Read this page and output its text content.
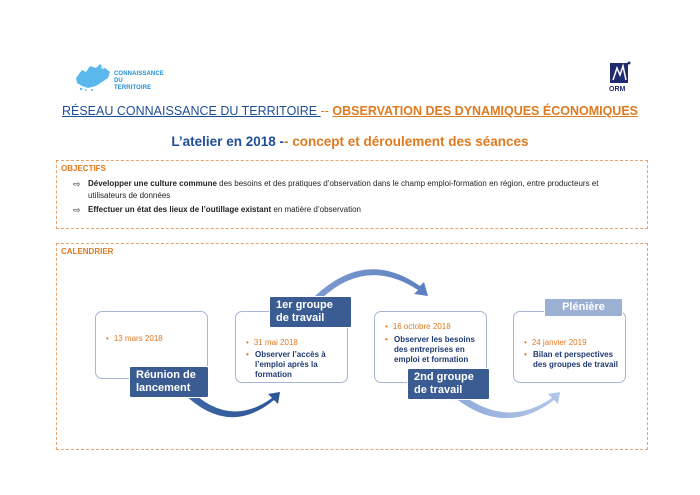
CONNAISSANCE DU TERRITOIRE	ORM
RÉSEAU CONNAISSANCE DU TERRITOIRE -- OBSERVATION DES DYNAMIQUES ÉCONOMIQUES
L’atelier en 2018 -- concept et déroulement des séances
OBJECTIFS
⇨ Développer une culture commune des besoins et des pratiques d’observation dans le champ emploi-formation en région, entre producteurs et utilisateurs de données
⇨ Effectuer un état des lieux de l’outillage existant en matière d’observation
CALENDRIER
• 13 mars 2018
Réunion de lancement
• 31 mai 2018
• Observer l’accès à l’emploi après la formation
1er groupe de travail
• 16 octobre 2018
• Observer les besoins des entreprises en emploi et formation
2nd groupe de travail
• 24 janvier 2019
• Bilan et perspectives des groupes de travail
Plénière
